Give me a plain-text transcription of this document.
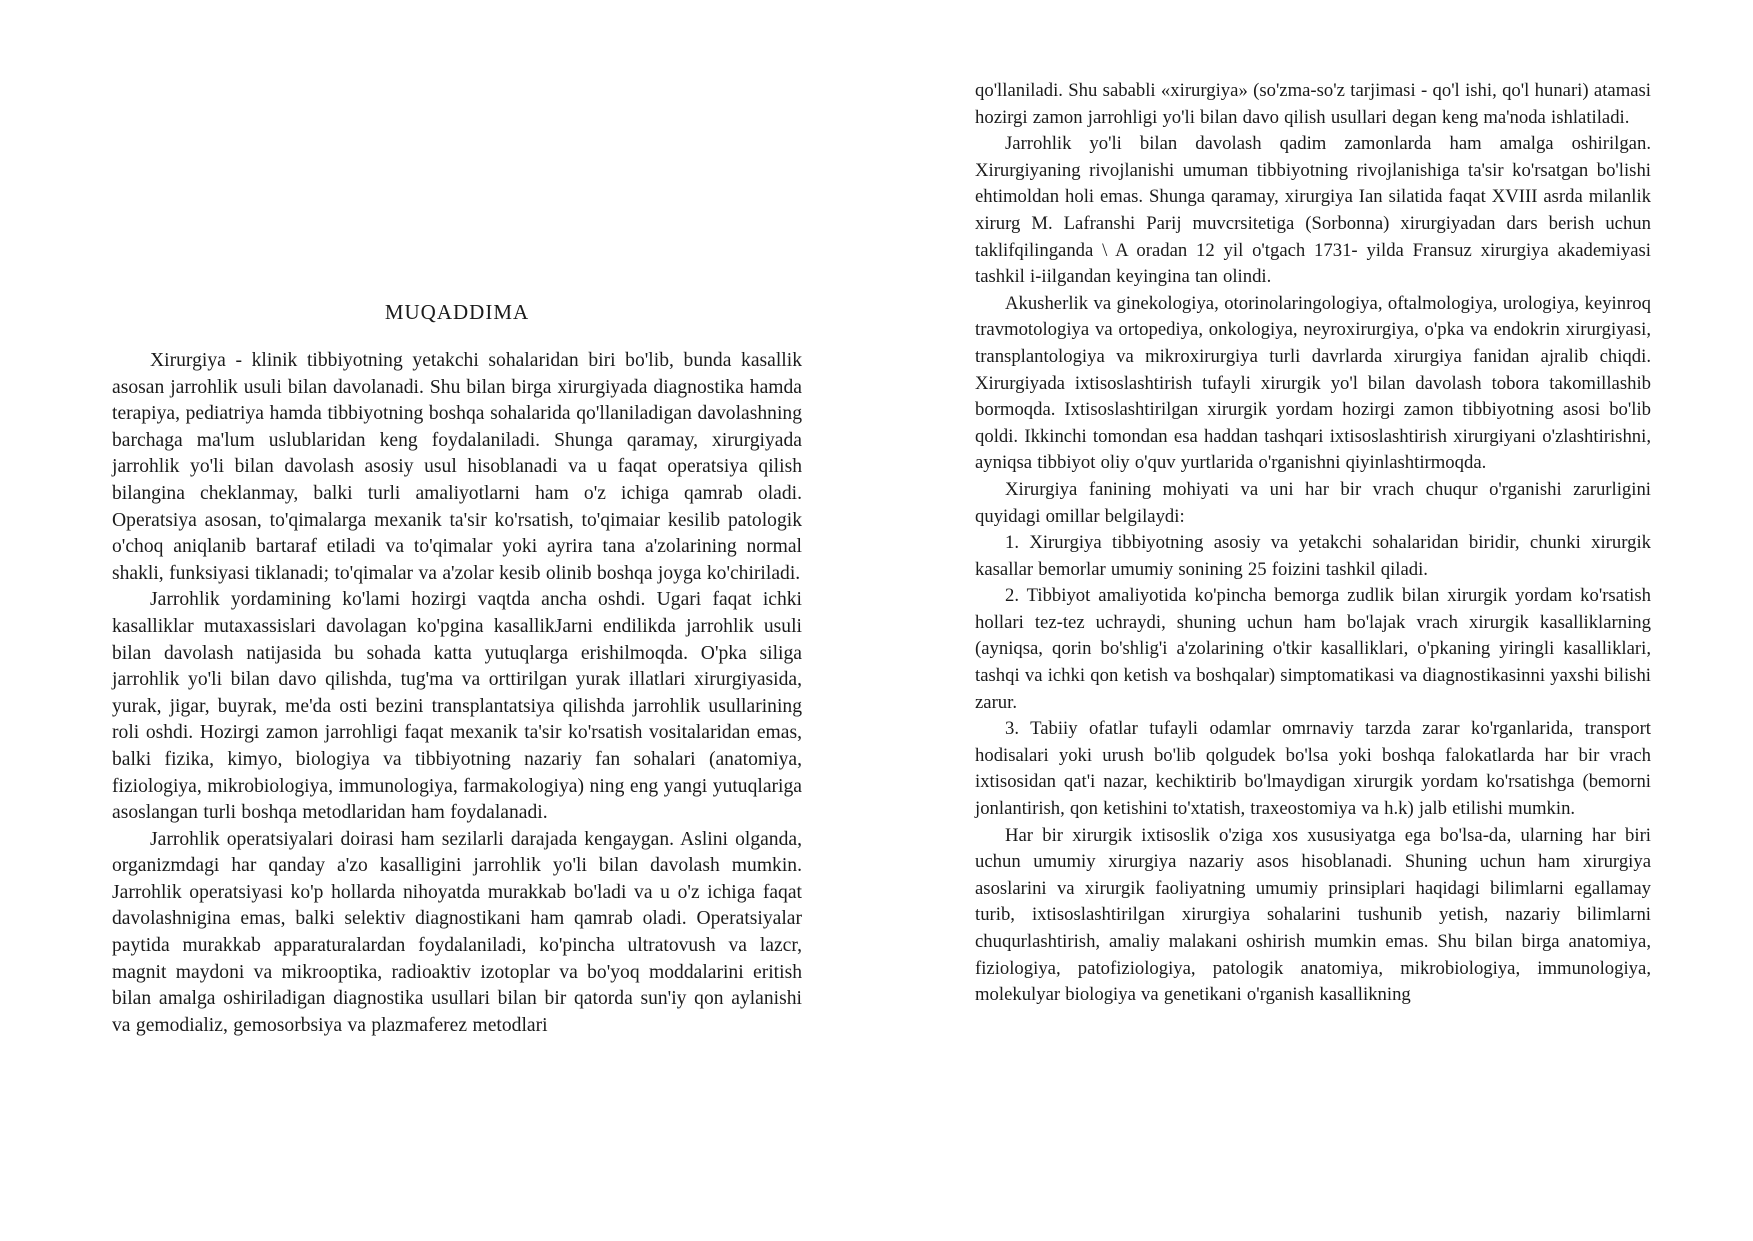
MUQADDIMA

Xirurgiya - klinik tibbiyotning yetakchi sohalaridan biri bo'lib, bunda kasallik asosan jarrohlik usuli bilan davolanadi. Shu bilan birga xirurgiyada diagnostika hamda terapiya, pediatriya hamda tibbiyotning boshqa sohalarida qo'llaniladigan davolashning barchaga ma'lum uslublaridan keng foydalaniladi. Shunga qaramay, xirurgiyada jarrohlik yo'li bilan davolash asosiy usul hisoblanadi va u faqat operatsiya qilish bilangina cheklanmay, balki turli amaliyotlarni ham o'z ichiga qamrab oladi. Operatsiya asosan, to'qimalarga mexanik ta'sir ko'rsatish, to'qimaiar kesilib patologik o'choq aniqlanib bartaraf etiladi va to'qimalar yoki ayrira tana a'zolarining normal shakli, funksiyasi tiklanadi; to'qimalar va a'zolar kesib olinib boshqa joyga ko'chiriladi.

Jarrohlik yordamining ko'lami hozirgi vaqtda ancha oshdi. Ugari faqat ichki kasalliklar mutaxassislari davolagan ko'pgina kasallikJarni endilikda jarrohlik usuli bilan davolash natijasida bu sohada katta yutuqlarga erishilmoqda. O'pka siliga jarrohlik yo'li bilan davo qilishda, tug'ma va orttirilgan yurak illatlari xirurgiyasida, yurak, jigar, buyrak, me'da osti bezini transplantatsiya qilishda jarrohlik usullarining roli oshdi. Hozirgi zamon jarrohligi faqat mexanik ta'sir ko'rsatish vositalaridan emas, balki fizika, kimyo, biologiya va tibbiyotning nazariy fan sohalari (anatomiya, fiziologiya, mikrobiologiya, immunologiya, farmakologiya) ning eng yangi yutuqlariga asoslangan turli boshqa metodlaridan ham foydalanadi.

Jarrohlik operatsiyalari doirasi ham sezilarli darajada kengaygan. Aslini olganda, organizmdagi har qanday a'zo kasalligini jarrohlik yo'li bilan davolash mumkin. Jarrohlik operatsiyasi ko'p hollarda nihoyatda murakkab bo'ladi va u o'z ichiga faqat davolashnigina emas, balki selektiv diagnostikani ham qamrab oladi. Operatsiyalar paytida murakkab apparaturalardan foydalaniladi, ko'pincha ultratovush va lazcr, magnit maydoni va mikrooptika, radioaktiv izotoplar va bo'yoq moddalarini eritish bilan amalga oshiriladigan diagnostika usullari bilan bir qatorda sun'iy qon aylanishi va gemodializ, gemosorbsiya va plazmaferez metodlari

qo'llaniladi. Shu sababli «xirurgiya» (so'zma-so'z tarjimasi - qo'l ishi, qo'l hunari) atamasi hozirgi zamon jarrohligi yo'li bilan davo qilish usullari degan keng ma'noda ishlatiladi.

Jarrohlik yo'li bilan davolash qadim zamonlarda ham amalga oshirilgan. Xirurgiyaning rivojlanishi umuman tibbiyotning rivojlanishiga ta'sir ko'rsatgan bo'lishi ehtimoldan holi emas. Shunga qaramay, xirurgiya Ian silatida faqat XVIII asrda milanlik xirurg M. Lafranshi Parij muvcrsitetiga (Sorbonna) xirurgiyadan dars berish uchun taklifqilinganda \ A oradan 12 yil o'tgach 1731- yilda Fransuz xirurgiya akademiyasi tashkil i-iilgandan keyingina tan olindi.

Akusherlik va ginekologiya, otorinolaringologiya, oftalmologiya, urologiya, keyinroq travmotologiya va ortopediya, onkologiya, neyroxirurgiya, o'pka va endokrin xirurgiyasi, transplantologiya va mikroxirurgiya turli davrlarda xirurgiya fanidan ajralib chiqdi. Xirurgiyada ixtisoslashtirish tufayli xirurgik yo'l bilan davolash tobora takomillashib bormoqda. Ixtisoslashtirilgan xirurgik yordam hozirgi zamon tibbiyotning asosi bo'lib qoldi. Ikkinchi tomondan esa haddan tashqari ixtisoslashtirish xirurgiyani o'zlashtirishni, ayniqsa tibbiyot oliy o'quv yurtlarida o'rganishni qiyinlashtirmoqda.

Xirurgiya fanining mohiyati va uni har bir vrach chuqur o'rganishi zarurligini quyidagi omillar belgilaydi:

1. Xirurgiya tibbiyotning asosiy va yetakchi sohalaridan biridir, chunki xirurgik kasallar bemorlar umumiy sonining 25 foizini tashkil qiladi.

2. Tibbiyot amaliyotida ko'pincha bemorga zudlik bilan xirurgik yordam ko'rsatish hollari tez-tez uchraydi, shuning uchun ham bo'lajak vrach xirurgik kasalliklarning (ayniqsa, qorin bo'shlig'i a'zolarining o'tkir kasalliklari, o'pkaning yiringli kasalliklari, tashqi va ichki qon ketish va boshqalar) simptomatikasi va diagnostikasinni yaxshi bilishi zarur.

3. Tabiiy ofatlar tufayli odamlar omrnaviy tarzda zarar ko'rganlarida, transport hodisalari yoki urush bo'lib qolgudek bo'lsa yoki boshqa falokatlarda har bir vrach ixtisosidan qat'i nazar, kechiktirib bo'lmaydigan xirurgik yordam ko'rsatishga (bemorni jonlantirish, qon ketishini to'xtatish, traxeostomiya va h.k) jalb etilishi mumkin.

Har bir xirurgik ixtisoslik o'ziga xos xususiyatga ega bo'lsa-da, ularning har biri uchun umumiy xirurgiya nazariy asos hisoblanadi. Shuning uchun ham xirurgiya asoslarini va xirurgik faoliyatning umumiy prinsiplari haqidagi bilimlarni egallamay turib, ixtisoslashtirilgan xirurgiya sohalarini tushunib yetish, nazariy bilimlarni chuqurlashtirish, amaliy malakani oshirish mumkin emas. Shu bilan birga anatomiya, fiziologiya, patofiziologiya, patologik anatomiya, mikrobiologiya, immunologiya, molekulyar biologiya va genetikani o'rganish kasallikning
